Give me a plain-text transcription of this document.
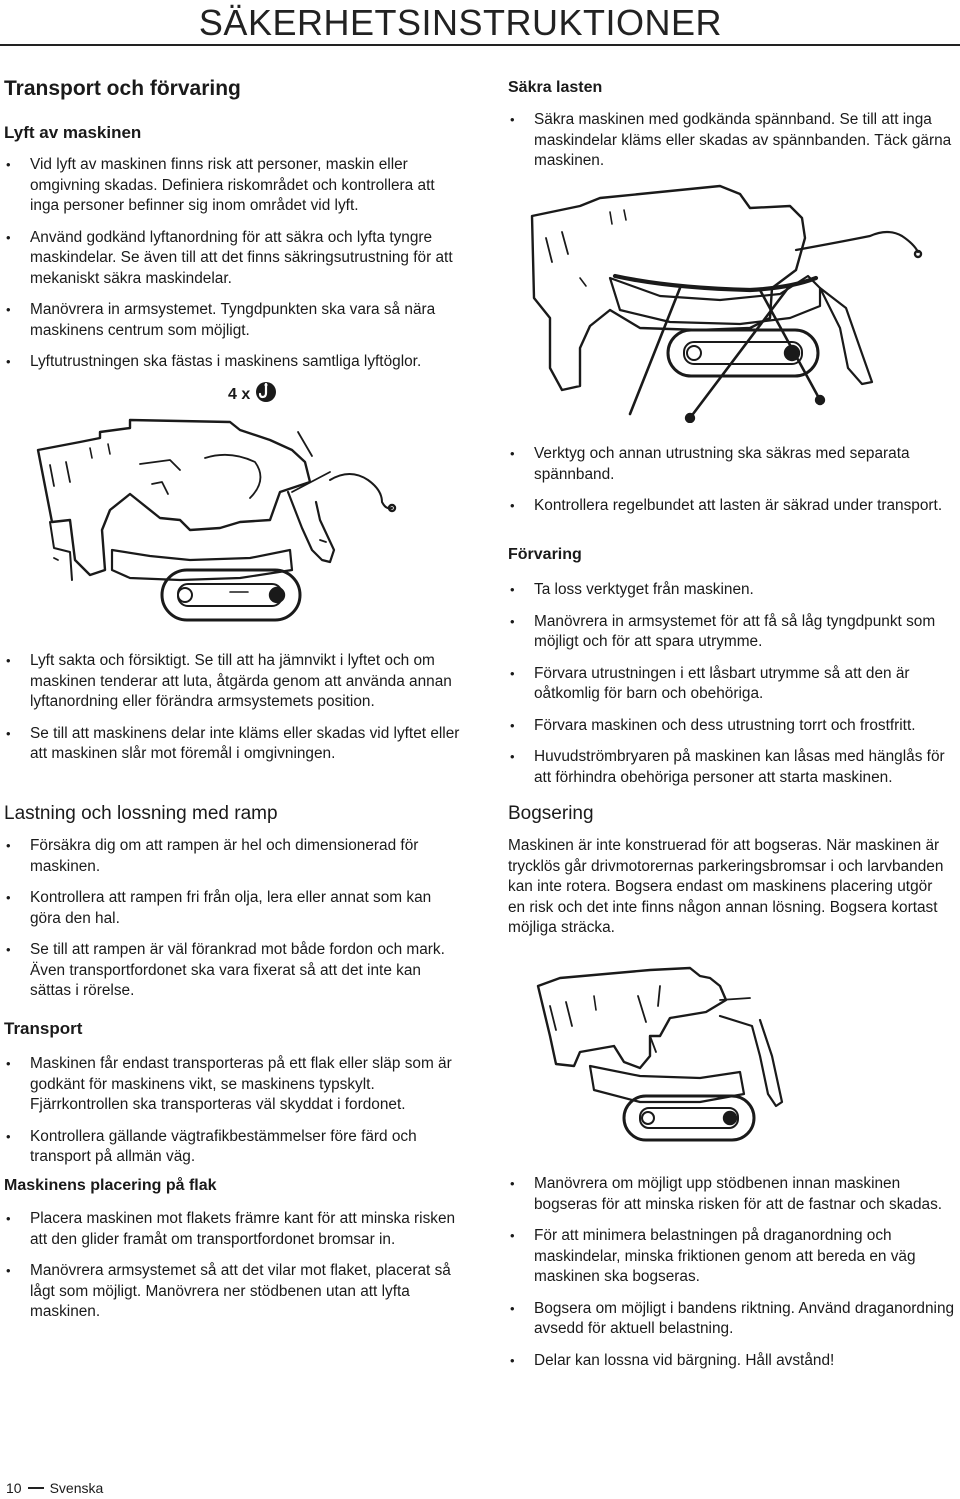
SÄKERHETSINSTRUKTIONER
Transport och förvaring
Lyft av maskinen
• Vid lyft av maskinen finns risk att personer, maskin eller omgivning skadas. Definiera riskområdet och kontrollera att inga personer befinner sig inom området vid lyft.
• Använd godkänd lyftanordning för att säkra och lyfta tyngre maskindelar. Se även till att det finns säkringsutrustning för att mekaniskt säkra maskindelar.
• Manövrera in armsystemet. Tyngdpunkten ska vara så nära maskinens centrum som möjligt.
• Lyftutrustningen ska fästas i maskinens samtliga lyftöglor.
4 x
• Lyft sakta och försiktigt. Se till att ha jämnvikt i lyftet och om maskinen tenderar att luta, åtgärda genom att använda annan lyftanordning eller förändra armsystemets position.
• Se till att maskinens delar inte kläms eller skadas vid lyftet eller att maskinen slår mot föremål i omgivningen.
Lastning och lossning med ramp
• Försäkra dig om att rampen är hel och dimensionerad för maskinen.
• Kontrollera att rampen fri från olja, lera eller annat som kan göra den hal.
• Se till att rampen är väl förankrad mot både fordon och mark. Även transportfordonet ska vara fixerat så att det inte kan sättas i rörelse.
Transport
• Maskinen får endast transporteras på ett flak eller släp som är godkänt för maskinens vikt, se maskinens typskylt. Fjärrkontrollen ska transporteras väl skyddat i fordonet.
• Kontrollera gällande vägtrafikbestämmelser före färd och transport på allmän väg.
Maskinens placering på flak
• Placera maskinen mot flakets främre kant för att minska risken att den glider framåt om transportfordonet bromsar in.
• Manövrera armsystemet så att det vilar mot flaket, placerat så lågt som möjligt. Manövrera ner stödbenen utan att lyfta maskinen.
Säkra lasten
• Säkra maskinen med godkända spännband. Se till att inga maskindelar kläms eller skadas av spännbanden. Täck gärna maskinen.
• Verktyg och annan utrustning ska säkras med separata spännband.
• Kontrollera regelbundet att lasten är säkrad under transport.
Förvaring
• Ta loss verktyget från maskinen.
• Manövrera in armsystemet för att få så låg tyngdpunkt som möjligt och för att spara utrymme.
• Förvara utrustningen i ett låsbart utrymme så att den är oåtkomlig för barn och obehöriga.
• Förvara maskinen och dess utrustning torrt och frostfritt.
• Huvudströmbryaren på maskinen kan låsas med hänglås för att förhindra obehöriga personer att starta maskinen.
Bogsering

Maskinen är inte konstruerad för att bogseras. När maskinen är trycklös går drivmotorernas parkeringsbromsar i och larvbanden kan inte rotera. Bogsera endast om maskinens placering utgör en risk och det inte finns någon annan lösning. Bogsera kortast möjliga sträcka.

• Manövrera om möjligt upp stödbenen innan maskinen bogseras för att minska risken för att de fastnar och skadas.
• För att minimera belastningen på draganordning och maskindelar, minska friktionen genom att bereda en väg maskinen ska bogseras.
• Bogsera om möjligt i bandens riktning. Använd draganordning avsedd för aktuell belastning.
• Delar kan lossna vid bärgning. Håll avstånd!
10 Svenska
